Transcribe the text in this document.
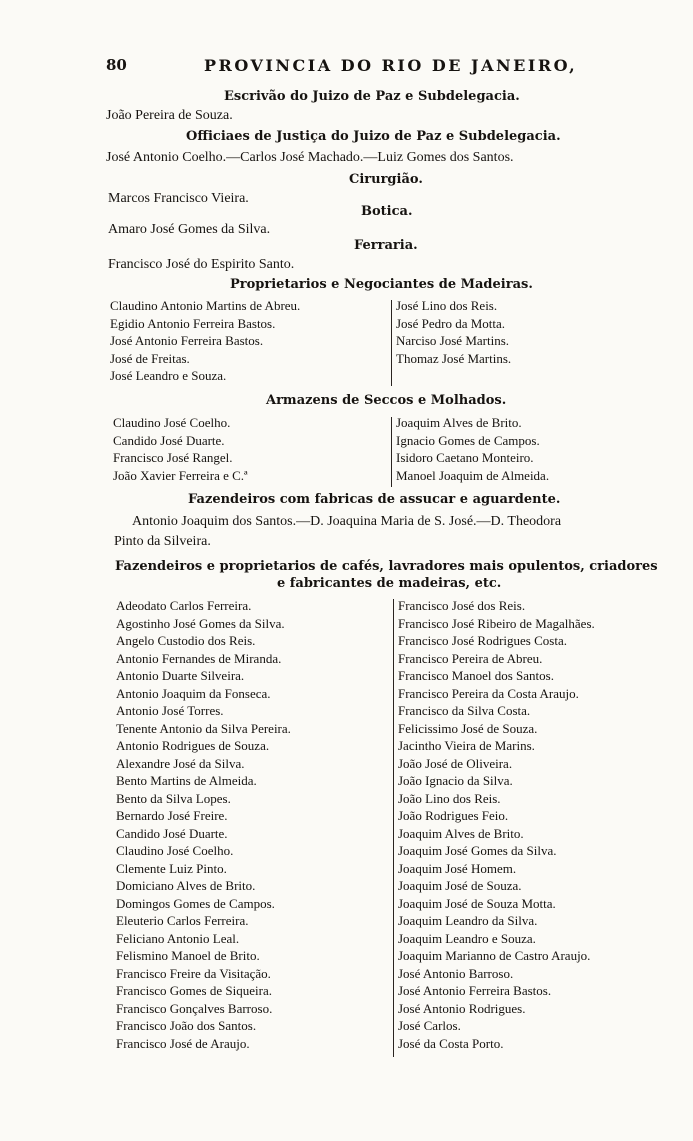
80	PROVINCIA DO RIO DE JANEIRO,
Escrivão do Juizo de Paz e Subdelegacia.
João Pereira de Souza.
Officiaes de Justiça do Juizo de Paz e Subdelegacia.
José Antonio Coelho.—Carlos José Machado.—Luiz Gomes dos Santos.
Cirurgião.
Marcos Francisco Vieira.
Botica.
Amaro José Gomes da Silva.
Ferraria.
Francisco José do Espirito Santo.
Proprietarios e Negociantes de Madeiras.
Claudino Antonio Martins de Abreu.
Egidio Antonio Ferreira Bastos.
José Antonio Ferreira Bastos.
José de Freitas.
José Leandro e Souza.
José Lino dos Reis.
José Pedro da Motta.
Narciso José Martins.
Thomaz José Martins.
Armazens de Seccos e Molhados.
Claudino José Coelho.
Candido José Duarte.
Francisco José Rangel.
João Xavier Ferreira e C.ª
Joaquim Alves de Brito.
Ignacio Gomes de Campos.
Isidoro Caetano Monteiro.
Manoel Joaquim de Almeida.
Fazendeiros com fabricas de assucar e aguardente.
Antonio Joaquim dos Santos.—D. Joaquina Maria de S. José.—D. Theodora
Pinto da Silveira.
Fazendeiros e proprietarios de cafés, lavradores mais opulentos, criadores
e fabricantes de madeiras, etc.
Adeodato Carlos Ferreira.
Agostinho José Gomes da Silva.
Angelo Custodio dos Reis.
Antonio Fernandes de Miranda.
Antonio Duarte Silveira.
Antonio Joaquim da Fonseca.
Antonio José Torres.
Tenente Antonio da Silva Pereira.
Antonio Rodrigues de Souza.
Alexandre José da Silva.
Bento Martins de Almeida.
Bento da Silva Lopes.
Bernardo José Freire.
Candido José Duarte.
Claudino José Coelho.
Clemente Luiz Pinto.
Domiciano Alves de Brito.
Domingos Gomes de Campos.
Eleuterio Carlos Ferreira.
Feliciano Antonio Leal.
Felismino Manoel de Brito.
Francisco Freire da Visitação.
Francisco Gomes de Siqueira.
Francisco Gonçalves Barroso.
Francisco João dos Santos.
Francisco José de Araujo.
Francisco José dos Reis.
Francisco José Ribeiro de Magalhães.
Francisco José Rodrigues Costa.
Francisco Pereira de Abreu.
Francisco Manoel dos Santos.
Francisco Pereira da Costa Araujo.
Francisco da Silva Costa.
Felicissimo José de Souza.
Jacintho Vieira de Marins.
João José de Oliveira.
João Ignacio da Silva.
João Lino dos Reis.
João Rodrigues Feio.
Joaquim Alves de Brito.
Joaquim José Gomes da Silva.
Joaquim José Homem.
Joaquim José de Souza.
Joaquim José de Souza Motta.
Joaquim Leandro da Silva.
Joaquim Leandro e Souza.
Joaquim Marianno de Castro Araujo.
José Antonio Barroso.
José Antonio Ferreira Bastos.
José Antonio Rodrigues.
José Carlos.
José da Costa Porto.
